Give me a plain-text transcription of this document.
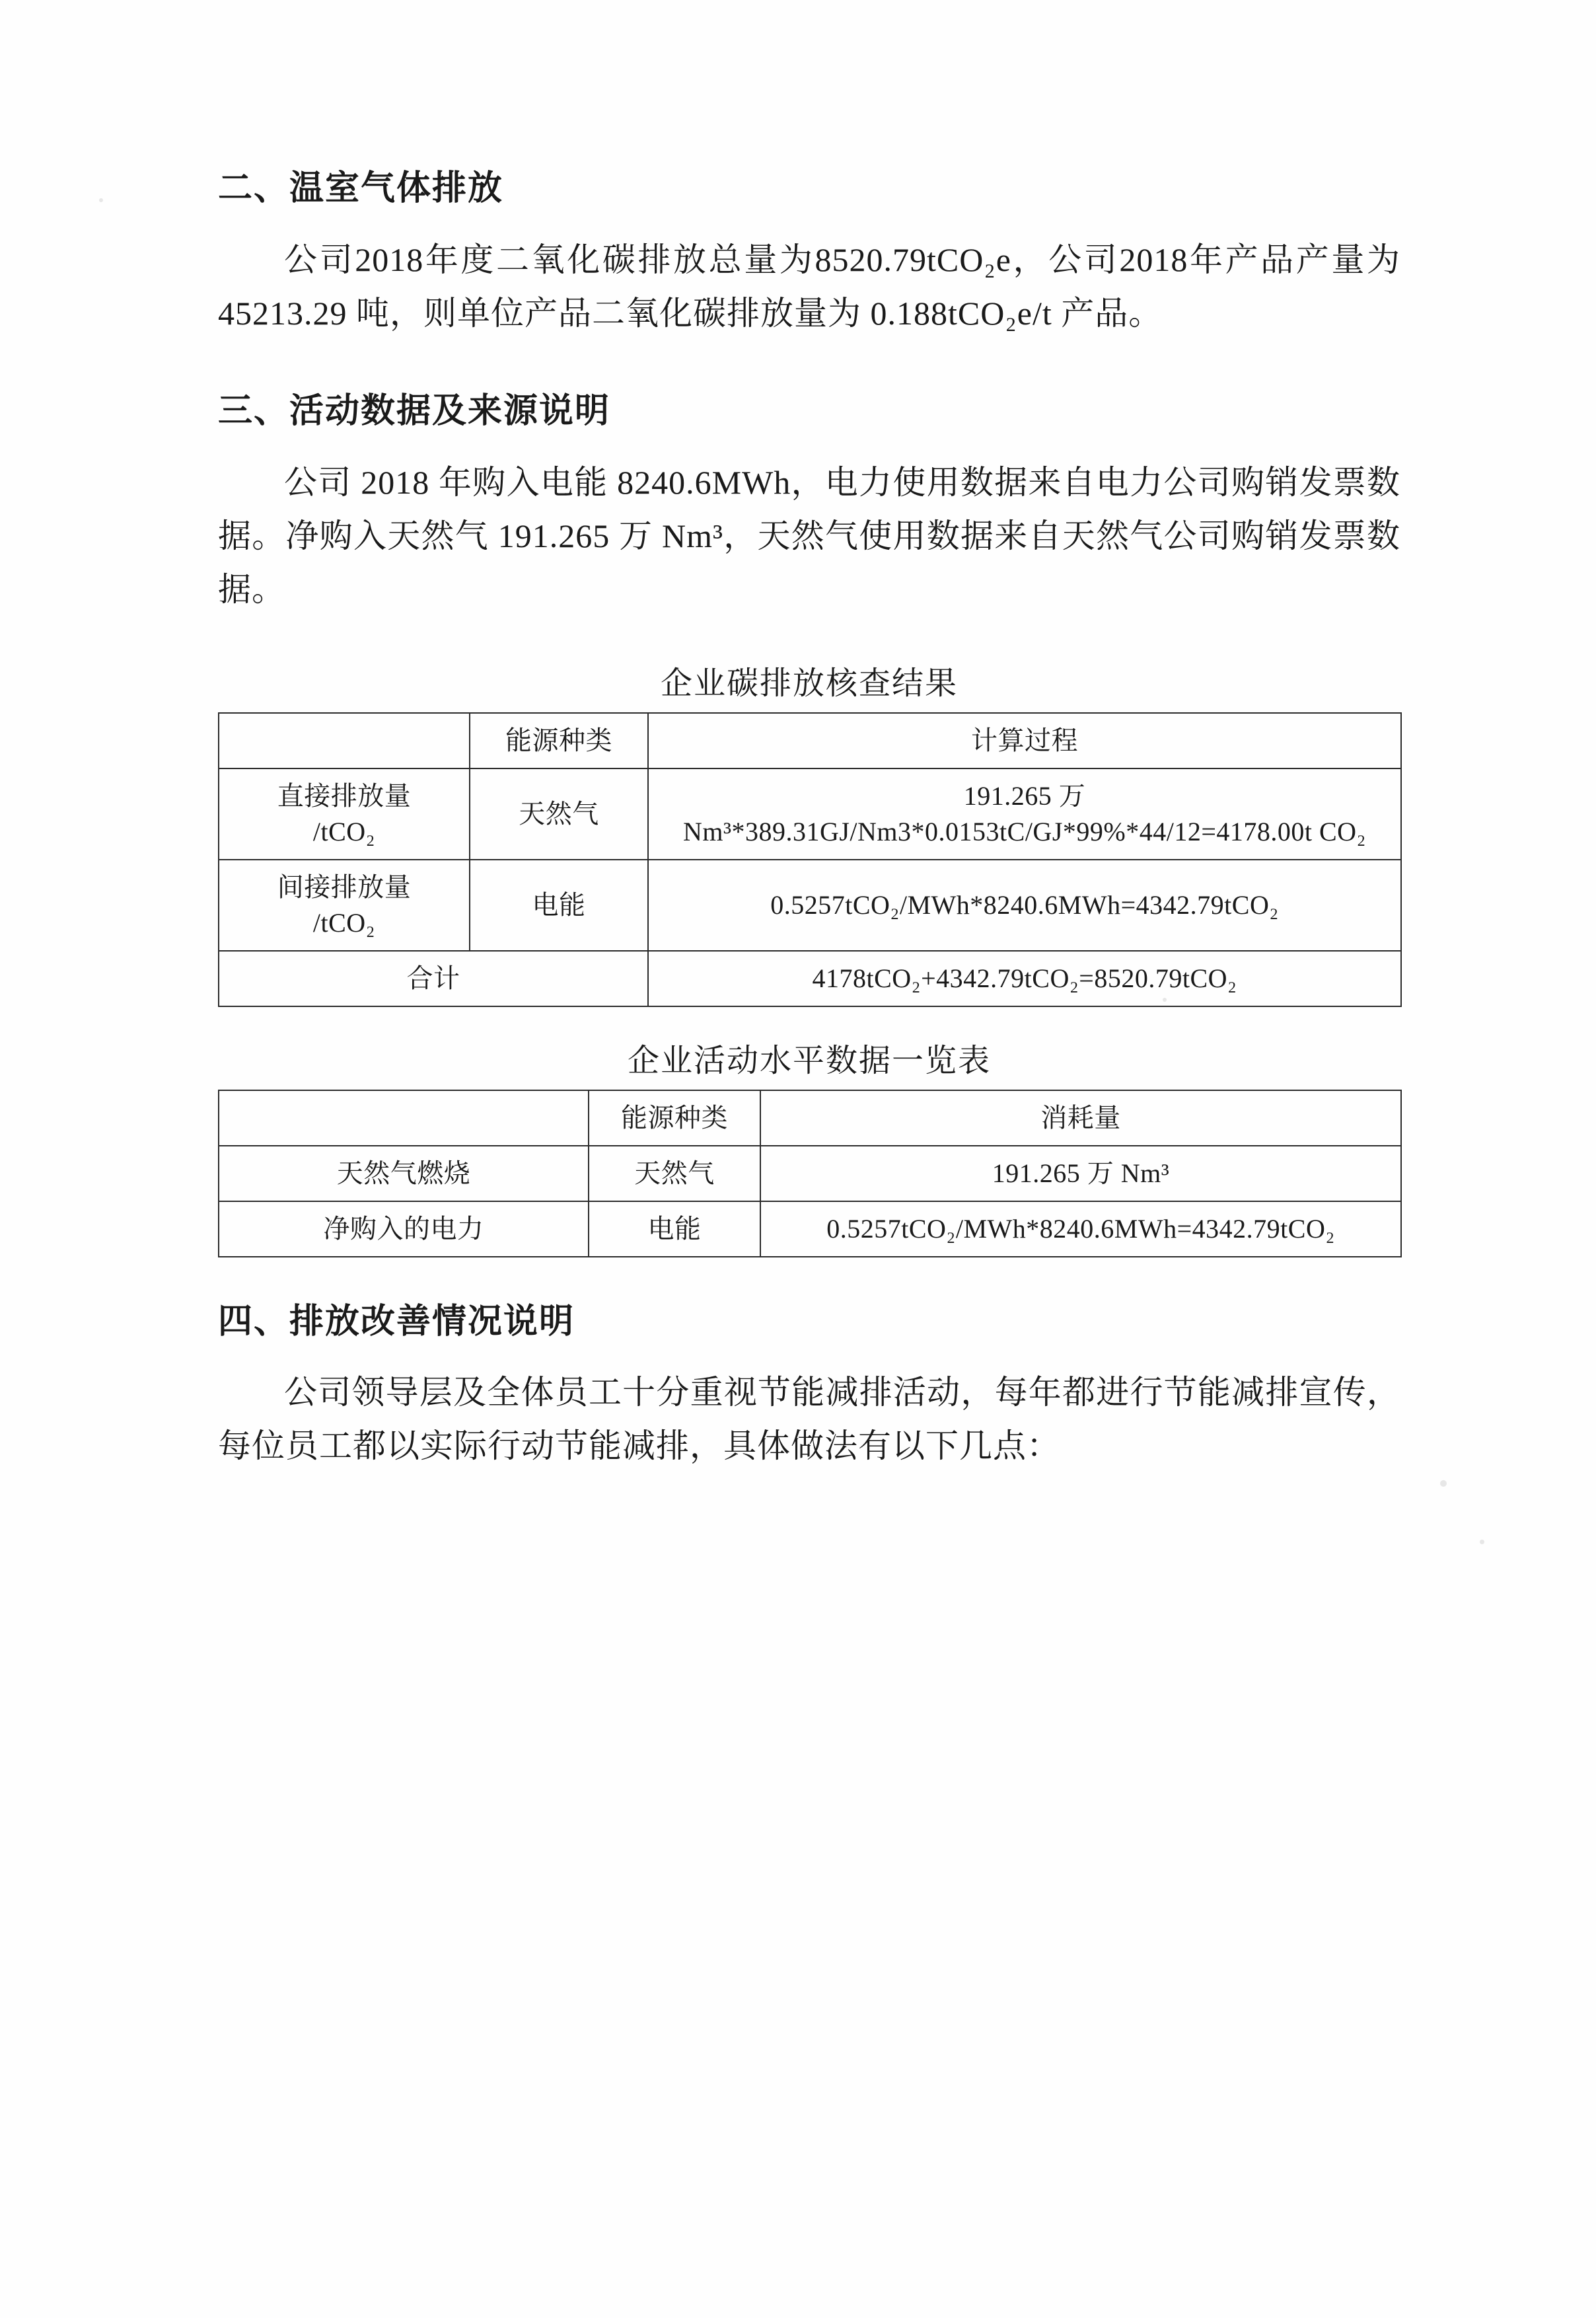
二、温室气体排放

公司2018年度二氧化碳排放总量为8520.79tCO₂e，公司2018年产品产量为 45213.29 吨，则单位产品二氧化碳排放量为 0.188tCO₂e/t 产品。

三、活动数据及来源说明

公司 2018 年购入电能 8240.6MWh，电力使用数据来自电力公司购销发票数据。净购入天然气 191.265 万 Nm³，天然气使用数据来自天然气公司购销发票数据。

企业碳排放核查结果
	能源种类	计算过程
直接排放量
/tCO₂	天然气	191.265 万 Nm³*389.31GJ/Nm3*0.0153tC/GJ*99%*44/12=4178.00t CO₂
间接排放量
/tCO₂	电能	0.5257tCO₂/MWh*8240.6MWh=4342.79tCO₂
合计		4178tCO₂+4342.79tCO₂=8520.79tCO₂
企业活动水平数据一览表
	能源种类	消耗量
天然气燃烧	天然气	191.265 万 Nm³
净购入的电力	电能	0.5257tCO₂/MWh*8240.6MWh=4342.79tCO₂
四、排放改善情况说明

公司领导层及全体员工十分重视节能减排活动，每年都进行节能减排宣传，每位员工都以实际行动节能减排，具体做法有以下几点：
